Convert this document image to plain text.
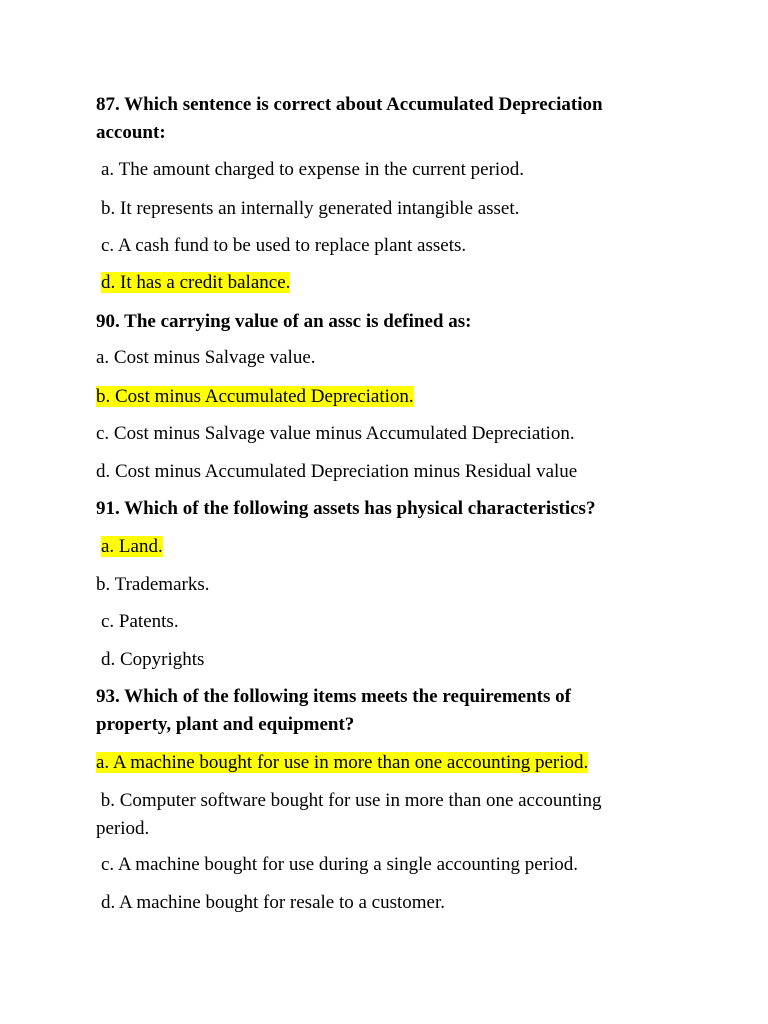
87. Which sentence is correct about Accumulated Depreciation account:
a. The amount charged to expense in the current period.
b. It represents an internally generated intangible asset.
c. A cash fund to be used to replace plant assets.
d. It has a credit balance.
90. The carrying value of an assc is defined as:
a. Cost minus Salvage value.
b. Cost minus Accumulated Depreciation.
c. Cost minus Salvage value minus Accumulated Depreciation.
d. Cost minus Accumulated Depreciation minus Residual value
91. Which of the following assets has physical characteristics?
a. Land.
b. Trademarks.
c. Patents.
d. Copyrights
93. Which of the following items meets the requirements of property, plant and equipment?
a. A machine bought for use in more than one accounting period.
b. Computer software bought for use in more than one accounting period.
c. A machine bought for use during a single accounting period.
d. A machine bought for resale to a customer.
